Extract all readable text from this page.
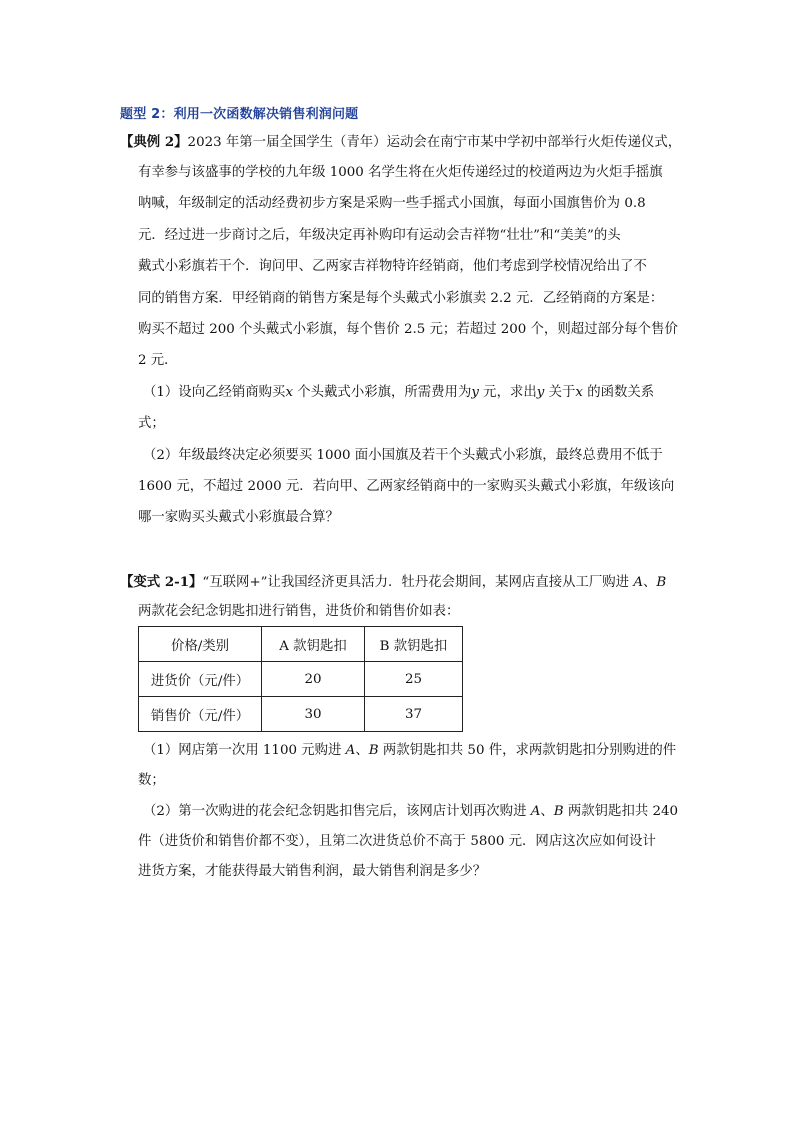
题型 2：利用一次函数解决销售利润问题
【典例 2】2023 年第一届全国学生（青年）运动会在南宁市某中学初中部举行火炬传递仪式，
有幸参与该盛事的学校的九年级 1000 名学生将在火炬传递经过的校道两边为火炬手摇旗
呐喊，年级制定的活动经费初步方案是采购一些手摇式小国旗，每面小国旗售价为 0.8
元．经过进一步商讨之后，年级决定再补购印有运动会吉祥物“壮壮”和“美美”的头
戴式小彩旗若干个．询问甲、乙两家吉祥物特许经销商，他们考虑到学校情况给出了不
同的销售方案．甲经销商的销售方案是每个头戴式小彩旗卖 2.2 元．乙经销商的方案是：
购买不超过 200 个头戴式小彩旗，每个售价 2.5 元；若超过 200 个，则超过部分每个售价
2 元．
（1）设向乙经销商购买x 个头戴式小彩旗，所需费用为y 元，求出y 关于x 的函数关系
式；
（2）年级最终决定必须要买 1000 面小国旗及若干个头戴式小彩旗，最终总费用不低于
1600 元，不超过 2000 元．若向甲、乙两家经销商中的一家购买头戴式小彩旗，年级该向
哪一家购买头戴式小彩旗最合算？
【变式 2-1】“互联网+”让我国经济更具活力．牡丹花会期间，某网店直接从工厂购进 A、B
两款花会纪念钥匙扣进行销售，进货价和销售价如表：
价格/类别	A 款钥匙扣	B 款钥匙扣
进货价（元/件）	20	25
销售价（元/件）	30	37
（1）网店第一次用 1100 元购进 A、B 两款钥匙扣共 50 件，求两款钥匙扣分别购进的件
数；
（2）第一次购进的花会纪念钥匙扣售完后，该网店计划再次购进 A、B 两款钥匙扣共 240
件（进货价和销售价都不变），且第二次进货总价不高于 5800 元．网店这次应如何设计
进货方案，才能获得最大销售利润，最大销售利润是多少？
